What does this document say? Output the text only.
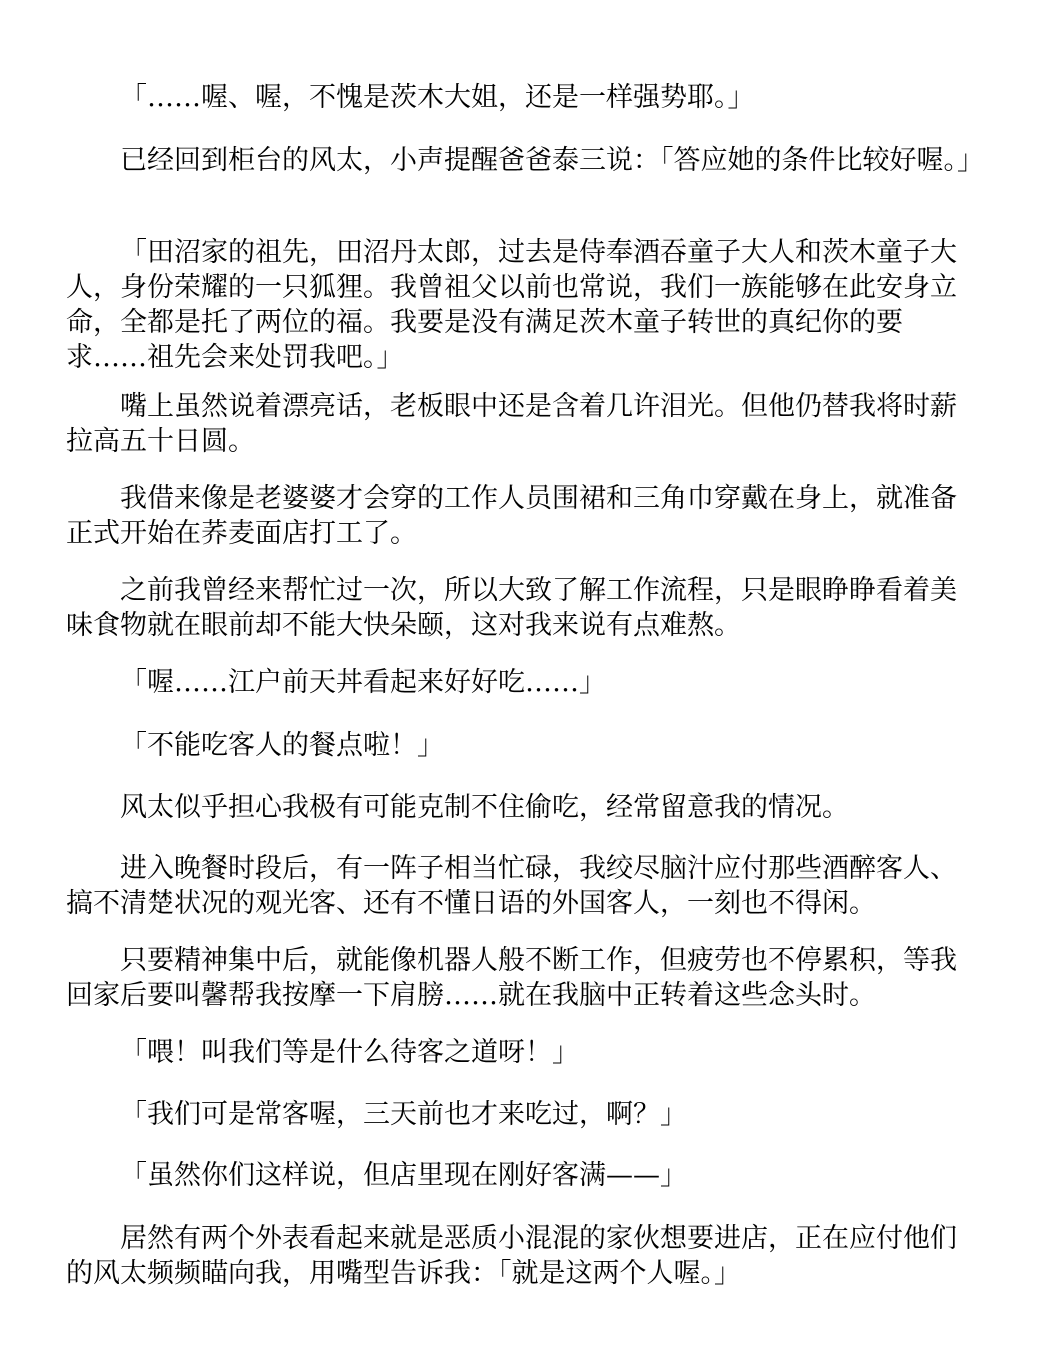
「……喔、喔，不愧是茨木大姐，还是一样强势耶。」

已经回到柜台的风太，小声提醒爸爸泰三说：「答应她的条件比较好喔。」

「田沼家的祖先，田沼丹太郎，过去是侍奉酒吞童子大人和茨木童子大人，身份荣耀的一只狐狸。我曾祖父以前也常说，我们一族能够在此安身立命，全都是托了两位的福。我要是没有满足茨木童子转世的真纪你的要求……祖先会来处罚我吧。」

嘴上虽然说着漂亮话，老板眼中还是含着几许泪光。但他仍替我将时薪拉高五十日圆。

我借来像是老婆婆才会穿的工作人员围裙和三角巾穿戴在身上，就准备正式开始在荞麦面店打工了。

之前我曾经来帮忙过一次，所以大致了解工作流程，只是眼睁睁看着美味食物就在眼前却不能大快朵颐，这对我来说有点难熬。

「喔……江户前天丼看起来好好吃……」

「不能吃客人的餐点啦！」

风太似乎担心我极有可能克制不住偷吃，经常留意我的情况。

进入晚餐时段后，有一阵子相当忙碌，我绞尽脑汁应付那些酒醉客人、搞不清楚状况的观光客、还有不懂日语的外国客人，一刻也不得闲。

只要精神集中后，就能像机器人般不断工作，但疲劳也不停累积，等我回家后要叫馨帮我按摩一下肩膀……就在我脑中正转着这些念头时。

「喂！叫我们等是什么待客之道呀！」

「我们可是常客喔，三天前也才来吃过，啊？」

「虽然你们这样说，但店里现在刚好客满——」

居然有两个外表看起来就是恶质小混混的家伙想要进店，正在应付他们的风太频频瞄向我，用嘴型告诉我：「就是这两个人喔。」
